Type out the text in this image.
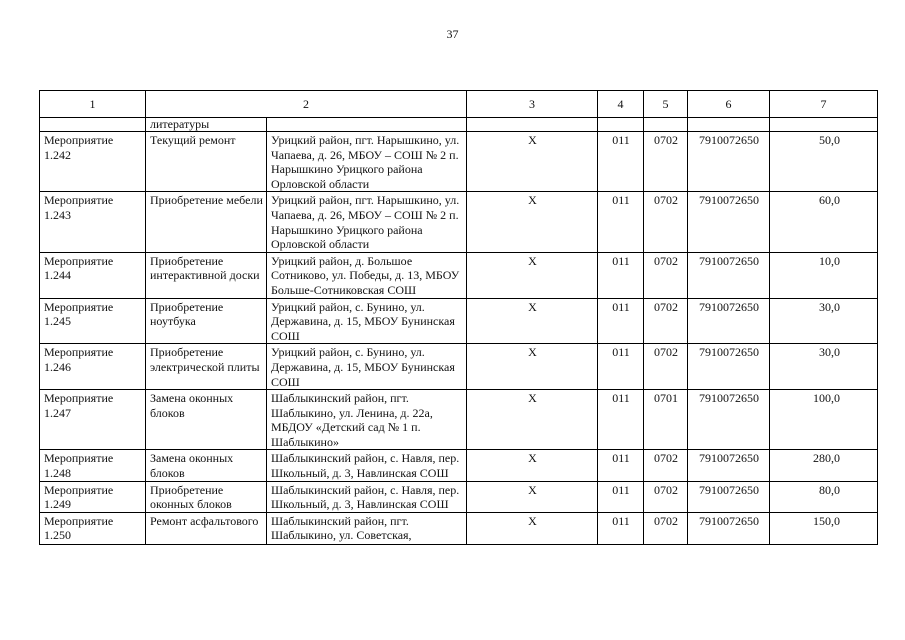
37
1	2		3	4	5	6	7
	литературы						
Мероприятие 1.242	Текущий ремонт	Урицкий район, пгт. Нарышкино, ул. Чапаева, д. 26, МБОУ – СОШ № 2 п. Нарышкино Урицкого района Орловской области	Х	011	0702	7910072650	50,0
Мероприятие 1.243	Приобретение мебели	Урицкий район, пгт. Нарышкино, ул. Чапаева, д. 26, МБОУ – СОШ № 2 п. Нарышкино Урицкого района Орловской области	Х	011	0702	7910072650	60,0
Мероприятие 1.244	Приобретение интерактивной доски	Урицкий район, д. Большое Сотниково, ул. Победы, д. 13, МБОУ Больше-Сотниковская СОШ	Х	011	0702	7910072650	10,0
Мероприятие 1.245	Приобретение ноутбука	Урицкий район, с. Бунино, ул. Державина, д. 15, МБОУ Бунинская СОШ	Х	011	0702	7910072650	30,0
Мероприятие 1.246	Приобретение электрической плиты	Урицкий район, с. Бунино, ул. Державина, д. 15, МБОУ Бунинская СОШ	Х	011	0702	7910072650	30,0
Мероприятие 1.247	Замена оконных блоков	Шаблыкинский район, пгт. Шаблыкино, ул. Ленина, д. 22а, МБДОУ «Детский сад № 1 п. Шаблыкино»	Х	011	0701	7910072650	100,0
Мероприятие 1.248	Замена оконных блоков	Шаблыкинский район, с. Навля, пер. Школьный, д. 3, Навлинская СОШ	Х	011	0702	7910072650	280,0
Мероприятие 1.249	Приобретение оконных блоков	Шаблыкинский район, с. Навля, пер. Школьный, д. 3, Навлинская СОШ	Х	011	0702	7910072650	80,0
Мероприятие 1.250	Ремонт асфальтового	Шаблыкинский район, пгт. Шаблыкино, ул. Советская,	Х	011	0702	7910072650	150,0
